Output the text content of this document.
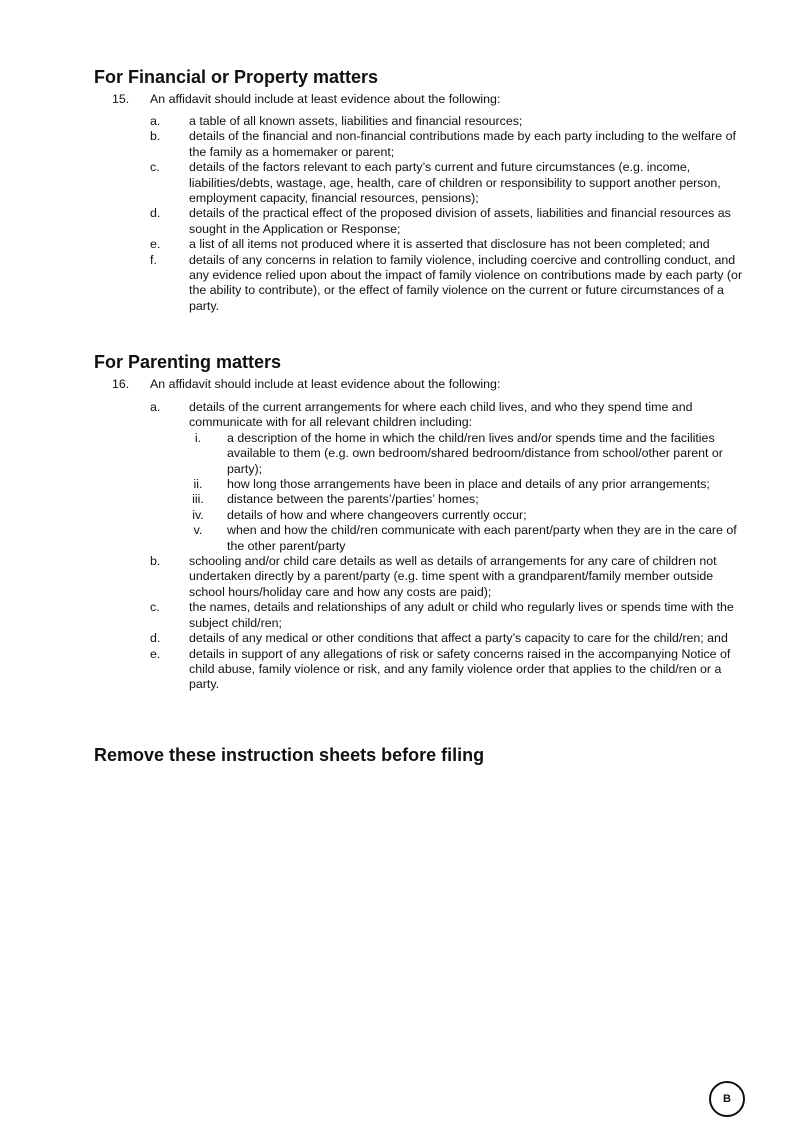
For Financial or Property matters
15. An affidavit should include at least evidence about the following:
a. a table of all known assets, liabilities and financial resources;
b. details of the financial and non-financial contributions made by each party including to the welfare of the family as a homemaker or parent;
c. details of the factors relevant to each party’s current and future circumstances (e.g. income, liabilities/debts, wastage, age, health, care of children or responsibility to support another person, employment capacity, financial resources, pensions);
d. details of the practical effect of the proposed division of assets, liabilities and financial resources as sought in the Application or Response;
e. a list of all items not produced where it is asserted that disclosure has not been completed; and
f.	details of any concerns in relation to family violence, including coercive and controlling conduct, and any evidence relied upon about the impact of family violence on contributions made by each party (or the ability to contribute), or the effect of family violence on the current or future circumstances of a party.
For Parenting matters
16. An affidavit should include at least evidence about the following:
a. details of the current arrangements for where each child lives, and who they spend time and communicate with for all relevant children including:
i.	a description of the home in which the child/ren lives and/or spends time and the facilities available to them (e.g. own bedroom/shared bedroom/distance from school/other parent or party);
ii.	how long those arrangements have been in place and details of any prior arrangements;
iii. distance between the parents’/parties’ homes;
iv. details of how and where changeovers currently occur;
v.	when and how the child/ren communicate with each parent/party when they are in the care of the other parent/party
b. schooling and/or child care details as well as details of arrangements for any care of children not undertaken directly by a parent/party (e.g. time spent with a grandparent/family member outside school hours/holiday care and how any costs are paid);
c. the names, details and relationships of any adult or child who regularly lives or spends time with the subject child/ren;
d. details of any medical or other conditions that affect a party’s capacity to care for the child/ren; and
e. details in support of any allegations of risk or safety concerns raised in the accompanying Notice of child abuse, family violence or risk, and any family violence order that applies to the child/ren or a party.
Remove these instruction sheets before filing
B
